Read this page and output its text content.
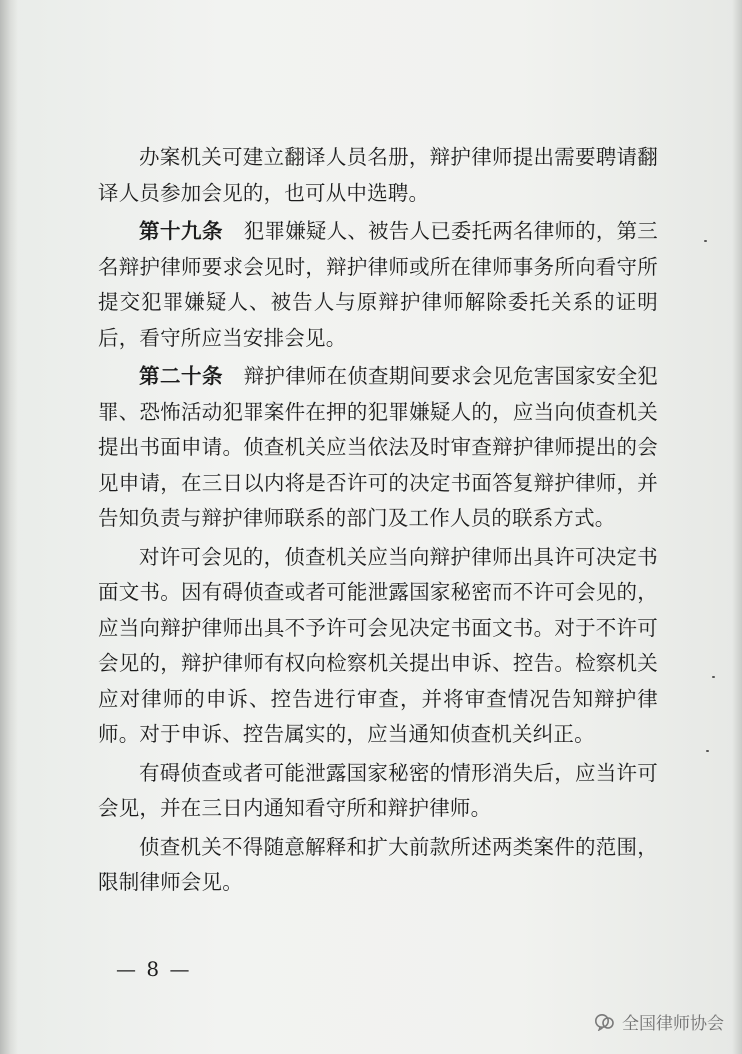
办案机关可建立翻译人员名册，辩护律师提出需要聘请翻译人员参加会见的，也可从中选聘。

第十九条  犯罪嫌疑人、被告人已委托两名律师的，第三名辩护律师要求会见时，辩护律师或所在律师事务所向看守所提交犯罪嫌疑人、被告人与原辩护律师解除委托关系的证明后，看守所应当安排会见。

第二十条  辩护律师在侦查期间要求会见危害国家安全犯罪、恐怖活动犯罪案件在押的犯罪嫌疑人的，应当向侦查机关提出书面申请。侦查机关应当依法及时审查辩护律师提出的会见申请，在三日以内将是否许可的决定书面答复辩护律师，并告知负责与辩护律师联系的部门及工作人员的联系方式。

对许可会见的，侦查机关应当向辩护律师出具许可决定书面文书。因有碍侦查或者可能泄露国家秘密而不许可会见的，应当向辩护律师出具不予许可会见决定书面文书。对于不许可会见的，辩护律师有权向检察机关提出申诉、控告。检察机关应对律师的申诉、控告进行审查，并将审查情况告知辩护律师。对于申诉、控告属实的，应当通知侦查机关纠正。

有碍侦查或者可能泄露国家秘密的情形消失后，应当许可会见，并在三日内通知看守所和辩护律师。

侦查机关不得随意解释和扩大前款所述两类案件的范围，限制律师会见。

— 8 —
全国律师协会
